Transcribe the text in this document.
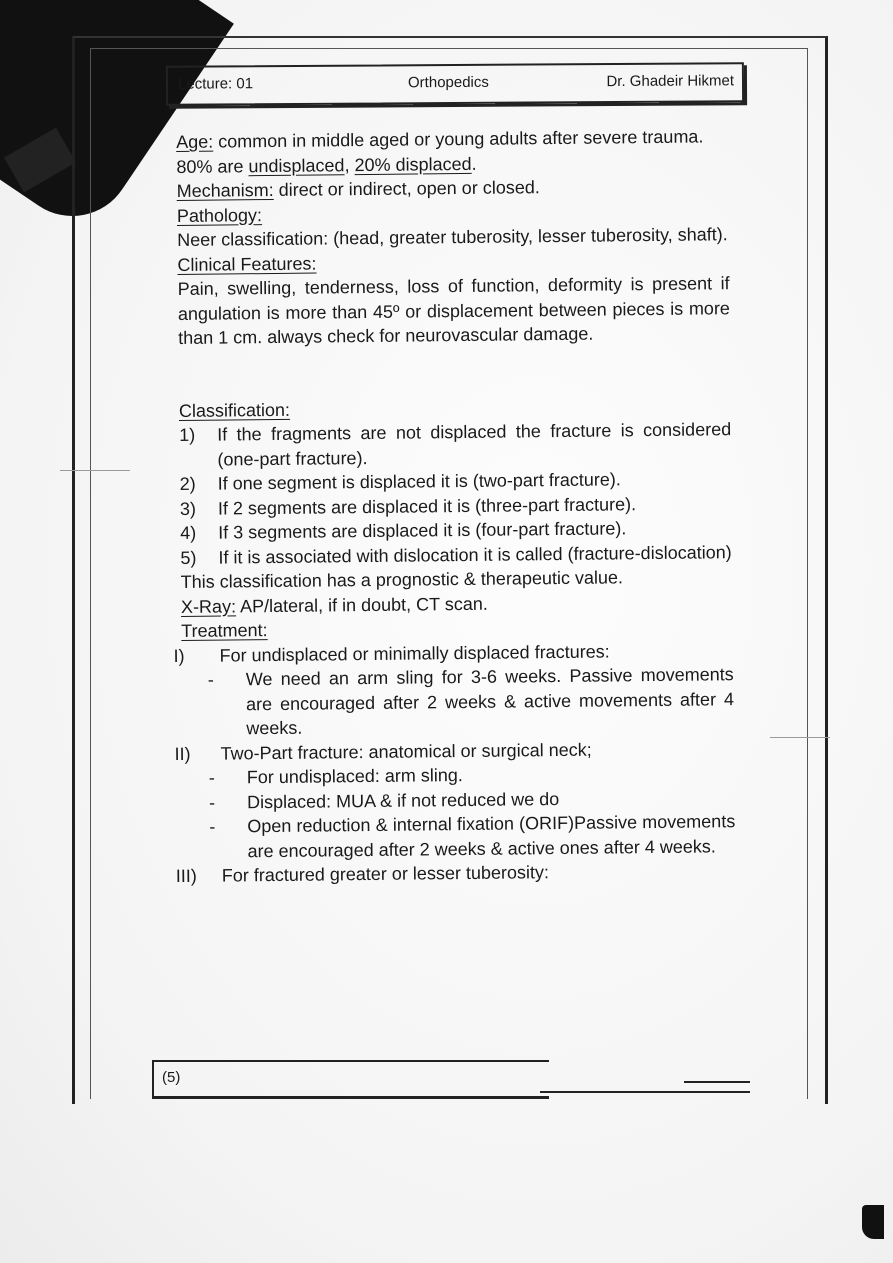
Lecture: 01	Orthopedics	Dr. Ghadeir Hikmet

Age: common in middle aged or young adults after severe trauma.

80% are undisplaced, 20% displaced.

Mechanism: direct or indirect, open or closed.

Pathology:

Neer classification: (head, greater tuberosity, lesser tuberosity, shaft).

Clinical Features:

Pain, swelling, tenderness, loss of function, deformity is present if angulation is more than 45º or displacement between pieces is more than 1 cm. always check for neurovascular damage.

Classification:

1) If the fragments are not displaced the fracture is considered (one-part fracture).
2) If one segment is displaced it is (two-part fracture).
3) If 2 segments are displaced it is (three-part fracture).
4) If 3 segments are displaced it is (four-part fracture).
5) If it is associated with dislocation it is called (fracture-dislocation)

This classification has a prognostic & therapeutic value.

X-Ray: AP/lateral, if in doubt, CT scan.

Treatment:

I) For undisplaced or minimally displaced fractures:
- We need an arm sling for 3-6 weeks. Passive movements are encouraged after 2 weeks & active movements after 4 weeks.
II) Two-Part fracture: anatomical or surgical neck;
- For undisplaced: arm sling.
- Displaced: MUA & if not reduced we do
- Open reduction & internal fixation (ORIF)Passive movements are encouraged after 2 weeks & active ones after 4 weeks.
III) For fractured greater or lesser tuberosity:
(5)
